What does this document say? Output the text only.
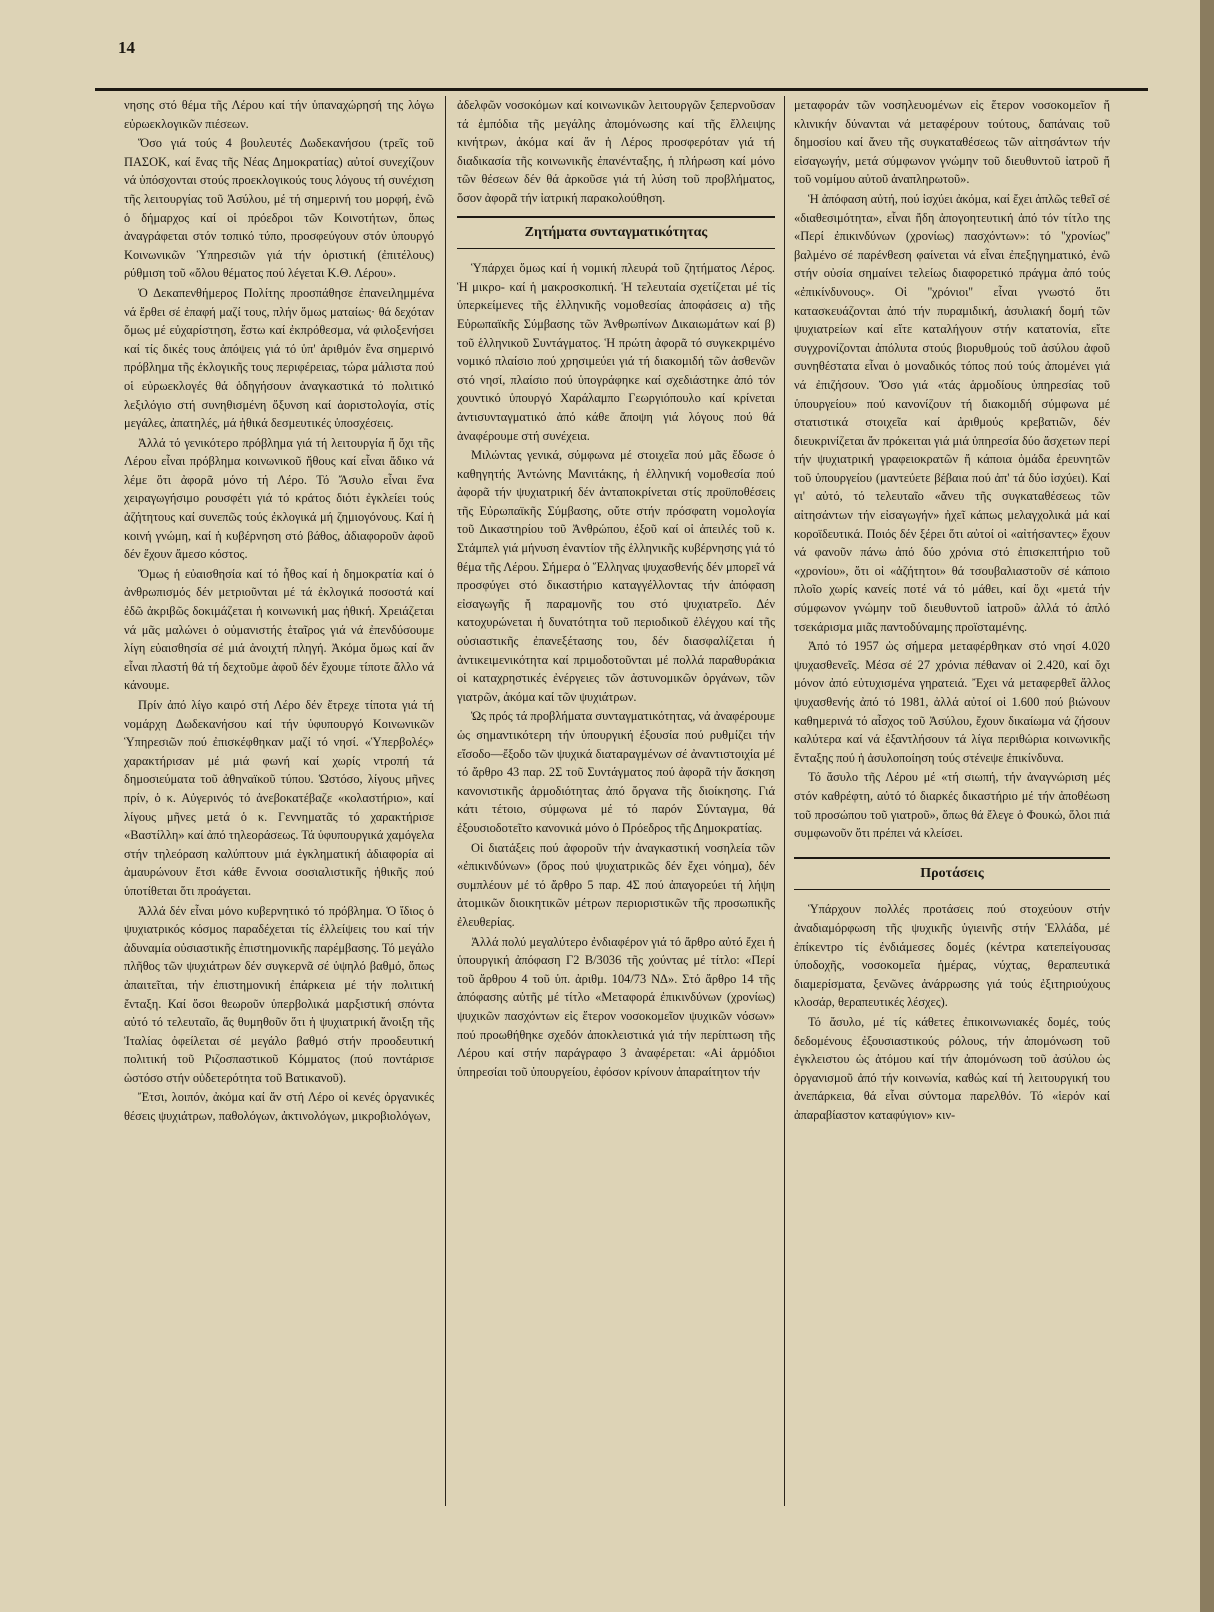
14

νησης στό θέμα τῆς Λέρου καί τήν ὑπαναχώρησή της λόγω εὐρωεκλογικῶν πιέσεων.

Ὅσο γιά τούς 4 βουλευτές Δωδεκανήσου (τρεῖς τοῦ ΠΑΣΟΚ, καί ἕνας τῆς Νέας Δημοκρατίας) αὐτοί συνεχίζουν νά ὑπόσχονται στούς προεκλογικούς τους λόγους τή συνέχιση τῆς λειτουργίας τοῦ Ἀσύλου, μέ τή σημερινή του μορφή, ἐνῶ ὁ δήμαρχος καί οἱ πρόεδροι τῶν Κοινοτήτων, ὅπως ἀναγράφεται στόν τοπικό τύπο, προσφεύγουν στόν ὑπουργό Κοινωνικῶν Ὑπηρεσιῶν γιά τήν ὁριστική (ἐπιτέλους) ρύθμιση τοῦ «ὅλου θέματος πού λέγεται Κ.Θ. Λέρου».

Ὁ Δεκαπενθήμερος Πολίτης προσπάθησε ἐπανειλημμένα νά ἔρθει σέ ἐπαφή μαζί τους, πλήν ὅμως ματαίως· θά δεχόταν ὅμως μέ εὐχαρίστηση, ἔστω καί ἐκπρόθεσμα, νά φιλοξενήσει καί τίς δικές τους ἀπόψεις γιά τό ὑπ' ἀριθμόν ἕνα σημερινό πρόβλημα τῆς ἐκλογικῆς τους περιφέρειας, τώρα μάλιστα πού οἱ εὐρωεκλογές θά ὁδηγήσουν ἀναγκαστικά τό πολιτικό λεξιλόγιο στή συνηθισμένη ὄξυνση καί ἀοριστολογία, στίς μεγάλες, ἀπατηλές, μά ἠθικά δεσμευτικές ὑποσχέσεις.

Ἀλλά τό γενικότερο πρόβλημα γιά τή λειτουργία ἤ ὄχι τῆς Λέρου εἶναι πρόβλημα κοινωνικοῦ ἤθους καί εἶναι ἄδικο νά λέμε ὅτι ἀφορᾶ μόνο τή Λέρο. Τό Ἄσυλο εἶναι ἕνα χειραγωγήσιμο ρουσφέτι γιά τό κράτος διότι ἐγκλείει τούς ἀζήτητους καί συνεπῶς τούς ἐκλογικά μή ζημιογόνους. Καί ἡ κοινή γνώμη, καί ἡ κυβέρνηση στό βάθος, ἀδιαφοροῦν ἀφοῦ δέν ἔχουν ἄμεσο κόστος.

Ὅμως ἡ εὐαισθησία καί τό ἦθος καί ἡ δημοκρατία καί ὁ ἀνθρωπισμός δέν μετριοῦνται μέ τά ἐκλογικά ποσοστά καί ἐδῶ ἀκριβῶς δοκιμάζεται ἡ κοινωνική μας ἠθική. Χρειάζεται νά μᾶς μαλώνει ὁ οὐμανιστής ἑταῖρος γιά νά ἐπενδύσουμε λίγη εὐαισθησία σέ μιά ἀνοιχτή πληγή. Ἀκόμα ὅμως καί ἄν εἶναι πλαστή θά τή δεχτοῦμε ἀφοῦ δέν ἔχουμε τίποτε ἄλλο νά κάνουμε.

Πρίν ἀπό λίγο καιρό στή Λέρο δέν ἔτρεχε τίποτα γιά τή νομάρχη Δωδεκανήσου καί τήν ὑφυπουργό Κοινωνικῶν Ὑπηρεσιῶν πού ἐπισκέφθηκαν μαζί τό νησί. «Ὑπερβολές» χαρακτήρισαν μέ μιά φωνή καί χωρίς ντροπή τά δημοσιεύματα τοῦ ἀθηναϊκοῦ τύπου. Ὡστόσο, λίγους μῆνες πρίν, ὁ κ. Αὐγερινός τό ἀνεβοκατέβαζε «κολαστήριο», καί λίγους μῆνες μετά ὁ κ. Γεννηματᾶς τό χαρακτήρισε «Βαστίλλη» καί ἀπό τηλεοράσεως. Τά ὑφυπουργικά χαμόγελα στήν τηλεόραση καλύπτουν μιά ἐγκληματική ἀδιαφορία αἱ ἀμαυρώνουν ἔτσι κάθε ἔννοια σοσιαλιστικῆς ἠθικῆς πού ὑποτίθεται ὅτι προάγεται.

Ἀλλά δέν εἶναι μόνο κυβερνητικό τό πρόβλημα. Ὁ ἴδιος ὁ ψυχιατρικός κόσμος παραδέχεται τίς ἐλλείψεις του καί τήν ἀδυναμία οὐσιαστικῆς ἐπιστημονικῆς παρέμβασης. Τό μεγάλο πλῆθος τῶν ψυχιάτρων δέν συγκερνᾶ σέ ὑψηλό βαθμό, ὅπως ἀπαιτεῖται, τήν ἐπιστημονική ἐπάρκεια μέ τήν πολιτική ἔνταξη. Καί ὅσοι θεωροῦν ὑπερβολικά μαρξιστική σπόντα αὐτό τό τελευταῖο, ἄς θυμηθοῦν ὅτι ἡ ψυχιατρική ἄνοιξη τῆς Ἰταλίας ὀφείλεται σέ μεγάλο βαθμό στήν προοδευτική πολιτική τοῦ Ριζοσπαστικοῦ Κόμματος (πού ποντάρισε ὡστόσο στήν οὐδετερότητα τοῦ Βατικανοῦ).

Ἔτσι, λοιπόν, ἀκόμα καί ἄν στή Λέρο οἱ κενές ὀργανικές θέσεις ψυχιάτρων, παθολόγων, ἀκτινολόγων, μικροβιολόγων,

ἀδελφῶν νοσοκόμων καί κοινωνικῶν λειτουργῶν ξεπερνοῦσαν τά ἐμπόδια τῆς μεγάλης ἀπομόνωσης καί τῆς ἔλλειψης κινήτρων, ἀκόμα καί ἄν ἡ Λέρος προσφερόταν γιά τή διαδικασία τῆς κοινωνικῆς ἐπανένταξης, ἡ πλήρωση καί μόνο τῶν θέσεων δέν θά ἀρκοῦσε γιά τή λύση τοῦ προβλήματος, ὅσον ἀφορᾶ τήν ἰατρική παρακολούθηση.

Ζητήματα συνταγματικότητας

Ὑπάρχει ὅμως καί ἡ νομική πλευρά τοῦ ζητήματος Λέρος. Ἡ μικρο- καί ἡ μακροσκοπική. Ἡ τελευταία σχετίζεται μέ τίς ὑπερκείμενες τῆς ἑλληνικῆς νομοθεσίας ἀποφάσεις α) τῆς Εὐρωπαϊκῆς Σύμβασης τῶν Ἀνθρωπίνων Δικαιωμάτων καί β) τοῦ ἑλληνικοῦ Συντάγματος. Ἡ πρώτη ἀφορᾶ τό συγκεκριμένο νομικό πλαίσιο πού χρησιμεύει γιά τή διακομιδή τῶν ἀσθενῶν στό νησί, πλαίσιο πού ὑπογράφηκε καί σχεδιάστηκε ἀπό τόν χουντικό ὑπουργό Χαράλαμπο Γεωργιόπουλο καί κρίνεται ἀντισυνταγματικό ἀπό κάθε ἄποψη γιά λόγους πού θά ἀναφέρουμε στή συνέχεια.

Μιλώντας γενικά, σύμφωνα μέ στοιχεῖα πού μᾶς ἔδωσε ὁ καθηγητής Ἀντώνης Μανιτάκης, ἡ ἑλληνική νομοθεσία πού ἀφορᾶ τήν ψυχιατρική δέν ἀνταποκρίνεται στίς προϋποθέσεις τῆς Εὐρωπαϊκῆς Σύμβασης, οὔτε στήν πρόσφατη νομολογία τοῦ Δικαστηρίου τοῦ Ἀνθρώπου, ἐξοῦ καί οἱ ἀπειλές τοῦ κ. Στάμπελ γιά μήνυση ἐναντίον τῆς ἑλληνικῆς κυβέρνησης γιά τό θέμα τῆς Λέρου. Σήμερα ὁ Ἕλληνας ψυχασθενής δέν μπορεῖ νά προσφύγει στό δικαστήριο καταγγέλλοντας τήν ἀπόφαση εἰσαγωγῆς ἤ παραμονῆς του στό ψυχιατρεῖο. Δέν κατοχυρώνεται ἡ δυνατότητα τοῦ περιοδικοῦ ἐλέγχου καί τῆς οὐσιαστικῆς ἐπανεξέτασης του, δέν διασφαλίζεται ἡ ἀντικειμενικότητα καί πριμοδοτοῦνται μέ πολλά παραθυράκια οἱ καταχρηστικές ἐνέργειες τῶν ἀστυνομικῶν ὀργάνων, τῶν γιατρῶν, ἀκόμα καί τῶν ψυχιάτρων.

Ὡς πρός τά προβλήματα συνταγματικότητας, νά ἀναφέρουμε ὡς σημαντικότερη τήν ὑπουργική ἐξουσία πού ρυθμίζει τήν εἴσοδο—ἔξοδο τῶν ψυχικά διαταραγμένων σέ ἀναντιστοιχία μέ τό ἄρθρο 43 παρ. 2Σ τοῦ Συντάγματος πού ἀφορᾶ τήν ἄσκηση κανονιστικῆς ἁρμοδιότητας ἀπό ὄργανα τῆς διοίκησης. Γιά κάτι τέτοιο, σύμφωνα μέ τό παρόν Σύνταγμα, θά ἐξουσιοδοτεῖτο κανονικά μόνο ὁ Πρόεδρος τῆς Δημοκρατίας.

Οἱ διατάξεις πού ἀφοροῦν τήν ἀναγκαστική νοσηλεία τῶν «ἐπικινδύνων» (ὅρος πού ψυχιατρικῶς δέν ἔχει νόημα), δέν συμπλέουν μέ τό ἄρθρο 5 παρ. 4Σ πού ἀπαγορεύει τή λήψη ἀτομικῶν διοικητικῶν μέτρων περιοριστικῶν τῆς προσωπικῆς ἐλευθερίας.

Ἀλλά πολύ μεγαλύτερο ἐνδιαφέρον γιά τό ἄρθρο αὐτό ἔχει ἡ ὑπουργική ἀπόφαση Γ2 Β/3036 τῆς χούντας μέ τίτλο: «Περί τοῦ ἄρθρου 4 τοῦ ὑπ. ἀριθμ. 104/73 ΝΔ». Στό ἄρθρο 14 τῆς ἀπόφασης αὐτῆς μέ τίτλο «Μεταφορά ἐπικινδύνων (χρονίως) ψυχικῶν πασχόντων εἰς ἕτερον νοσοκομεῖον ψυχικῶν νόσων» πού προωθήθηκε σχεδόν ἀποκλειστικά γιά τήν περίπτωση τῆς Λέρου καί στήν παράγραφο 3 ἀναφέρεται: «Αἱ ἁρμόδιοι ὑπηρεσίαι τοῦ ὑπουργείου, ἐφόσον κρίνουν ἀπαραίτητον τήν

μεταφοράν τῶν νοσηλευομένων εἰς ἕτερον νοσοκομεῖον ἤ κλινικήν δύνανται νά μεταφέρουν τούτους, δαπάναις τοῦ δημοσίου καί ἄνευ τῆς συγκαταθέσεως τῶν αἰτησάντων τήν εἰσαγωγήν, μετά σύμφωνον γνώμην τοῦ διευθυντοῦ ἰατροῦ ἤ τοῦ νομίμου αὐτοῦ ἀναπληρωτοῦ».

Ἡ ἀπόφαση αὐτή, πού ἰσχύει ἀκόμα, καί ἔχει ἁπλῶς τεθεῖ σέ «διαθεσιμότητα», εἶναι ἤδη ἀπογοητευτική ἀπό τόν τίτλο της «Περί ἐπικινδύνων (χρονίως) πασχόντων»: τό ''χρονίως'' βαλμένο σέ παρένθεση φαίνεται νά εἶναι ἐπεξηγηματικό, ἐνῶ στήν οὐσία σημαίνει τελείως διαφορετικό πράγμα ἀπό τούς «ἐπικίνδυνους». Οἱ ''χρόνιοι'' εἶναι γνωστό ὅτι κατασκευάζονται ἀπό τήν πυραμιδική, ἀσυλιακή δομή τῶν ψυχιατρείων καί εἴτε καταλήγουν στήν κατατονία, εἴτε συγχρονίζονται ἀπόλυτα στούς βιορυθμούς τοῦ ἀσύλου ἀφοῦ συνηθέστατα εἶναι ὁ μοναδικός τόπος πού τούς ἀπομένει γιά νά ἐπιζήσουν. Ὅσο γιά «τάς ἁρμοδίους ὑπηρεσίας τοῦ ὑπουργείου» πού κανονίζουν τή διακομιδή σύμφωνα μέ στατιστικά στοιχεῖα καί ἀριθμούς κρεβατιῶν, δέν διευκρινίζεται ἄν πρόκειται γιά μιά ὑπηρεσία δύο ἄσχετων περί τήν ψυχιατρική γραφειοκρατῶν ἤ κάποια ὁμάδα ἐρευνητῶν τοῦ ὑπουργείου (μαντεύετε βέβαια πού ἀπ' τά δύο ἰσχύει). Καί γι' αὐτό, τό τελευταῖο «ἄνευ τῆς συγκαταθέσεως τῶν αἰτησάντων τήν εἰσαγωγήν» ἠχεῖ κάπως μελαγχολικά μά καί κοροϊδευτικά. Ποιός δέν ξέρει ὅτι αὐτοί οἱ «αἰτήσαντες» ἔχουν νά φανοῦν πάνω ἀπό δύο χρόνια στό ἐπισκεπτήριο τοῦ «χρονίου», ὅτι οἱ «ἀζήτητοι» θά τσουβαλιαστοῦν σέ κάποιο πλοῖο χωρίς κανείς ποτέ νά τό μάθει, καί ὄχι «μετά τήν σύμφωνον γνώμην τοῦ διευθυντοῦ ἰατροῦ» ἀλλά τό ἁπλό τσεκάρισμα μιᾶς παντοδύναμης προϊσταμένης.

Ἀπό τό 1957 ὡς σήμερα μεταφέρθηκαν στό νησί 4.020 ψυχασθενεῖς. Μέσα σέ 27 χρόνια πέθαναν οἱ 2.420, καί ὄχι μόνον ἀπό εὐτυχισμένα γηρατειά. Ἔχει νά μεταφερθεῖ ἄλλος ψυχασθενής ἀπό τό 1981, ἀλλά αὐτοί οἱ 1.600 πού βιώνουν καθημερινά τό αἶσχος τοῦ Ἀσύλου, ἔχουν δικαίωμα νά ζήσουν καλύτερα καί νά ἐξαντλήσουν τά λίγα περιθώρια κοινωνικῆς ἔνταξης πού ἡ ἀσυλοποίηση τούς στένεψε ἐπικίνδυνα.

Τό ἄσυλο τῆς Λέρου μέ «τή σιωπή, τήν ἀναγνώριση μές στόν καθρέφτη, αὐτό τό διαρκές δικαστήριο μέ τήν ἀποθέωση τοῦ προσώπου τοῦ γιατροῦ», ὅπως θά ἔλεγε ὁ Φουκώ, ὅλοι πιά συμφωνοῦν ὅτι πρέπει νά κλείσει.

Προτάσεις

Ὑπάρχουν πολλές προτάσεις πού στοχεύουν στήν ἀναδιαμόρφωση τῆς ψυχικῆς ὑγιεινῆς στήν Ἑλλάδα, μέ ἐπίκεντρο τίς ἐνδιάμεσες δομές (κέντρα κατεπείγουσας ὑποδοχῆς, νοσοκομεῖα ἡμέρας, νύχτας, θεραπευτικά διαμερίσματα, ξενῶνες ἀνάρρωσης γιά τούς ἐξιτηριούχους κλοσάρ, θεραπευτικές λέσχες).

Τό ἄσυλο, μέ τίς κάθετες ἐπικοινωνιακές δομές, τούς δεδομένους ἐξουσιαστικούς ρόλους, τήν ἀπομόνωση τοῦ ἐγκλειστου ὡς ἀτόμου καί τήν ἀπομόνωση τοῦ ἀσύλου ὡς ὀργανισμοῦ ἀπό τήν κοινωνία, καθώς καί τή λειτουργική του ἀνεπάρκεια, θά εἶναι σύντομα παρελθόν. Τό «ἱερόν καί ἀπαραβίαστον καταφύγιον» κιν-
